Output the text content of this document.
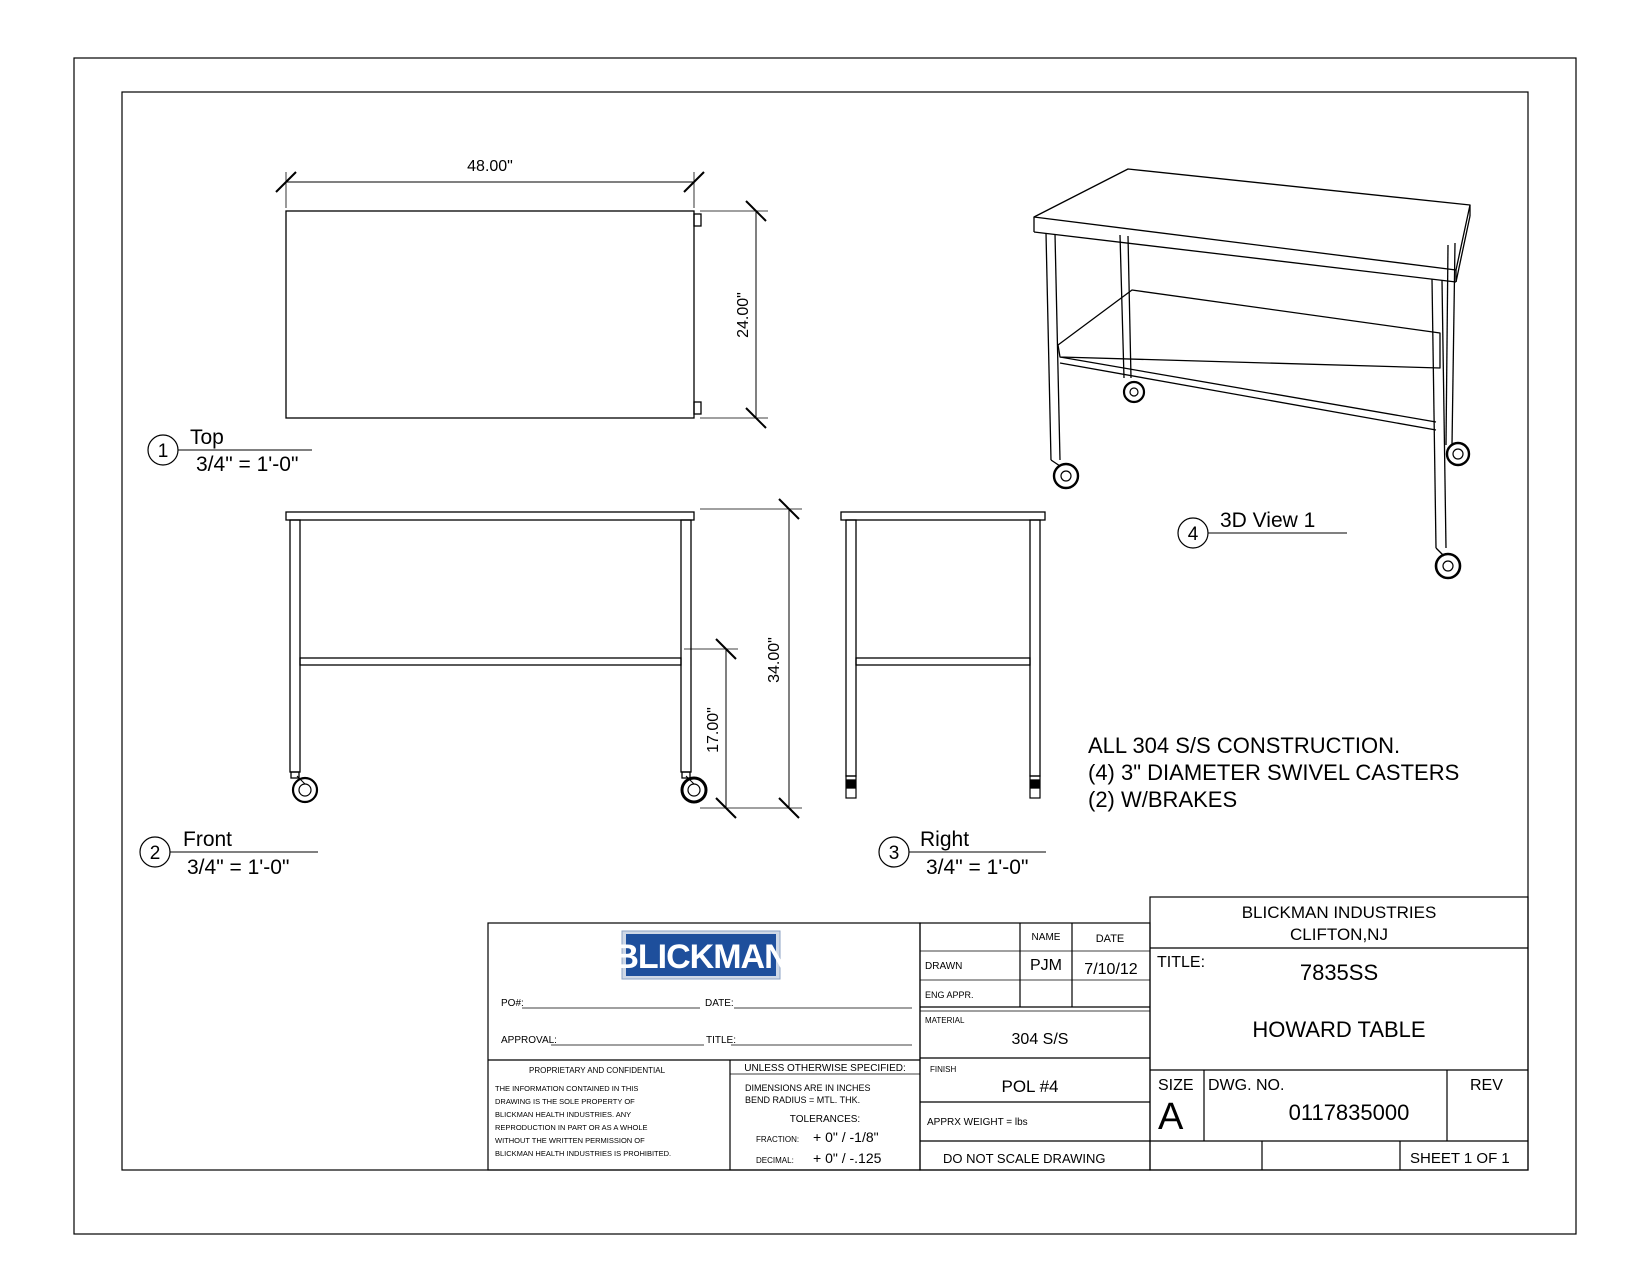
48.00"
24.00"
1
Top
3/4" = 1'-0"
34.00"
17.00"
2
Front
3/4" = 1'-0"
3
Right
3/4" = 1'-0"
4
3D View 1
ALL 304 S/S CONSTRUCTION.
(4) 3" DIAMETER SWIVEL CASTERS
(2) W/BRAKES
BLICKMAN
PO#:	DATE:
APPROVAL:	TITLE:
PROPRIETARY AND CONFIDENTIAL
THE INFORMATION CONTAINED IN THIS
DRAWING IS THE SOLE PROPERTY OF
BLICKMAN HEALTH INDUSTRIES. ANY
REPRODUCTION IN PART OR AS A WHOLE
WITHOUT THE WRITTEN PERMISSION OF
BLICKMAN HEALTH INDUSTRIES IS PROHIBITED.
UNLESS OTHERWISE SPECIFIED:
DIMENSIONS ARE IN INCHES
BEND RADIUS = MTL. THK.
TOLERANCES:
FRACTION: + 0" / -1/8"
DECIMAL: + 0" / -.125
NAME	DATE
DRAWN	PJM 7/10/12
ENG APPR.
MATERIAL
304 S/S
FINISH
POL #4
APPRX WEIGHT = lbs
DO NOT SCALE DRAWING
BLICKMAN INDUSTRIES
CLIFTON,NJ
TITLE:	7835SS
HOWARD TABLE
SIZE
A
DWG. NO.
0117835000
REV
SHEET 1 OF 1
